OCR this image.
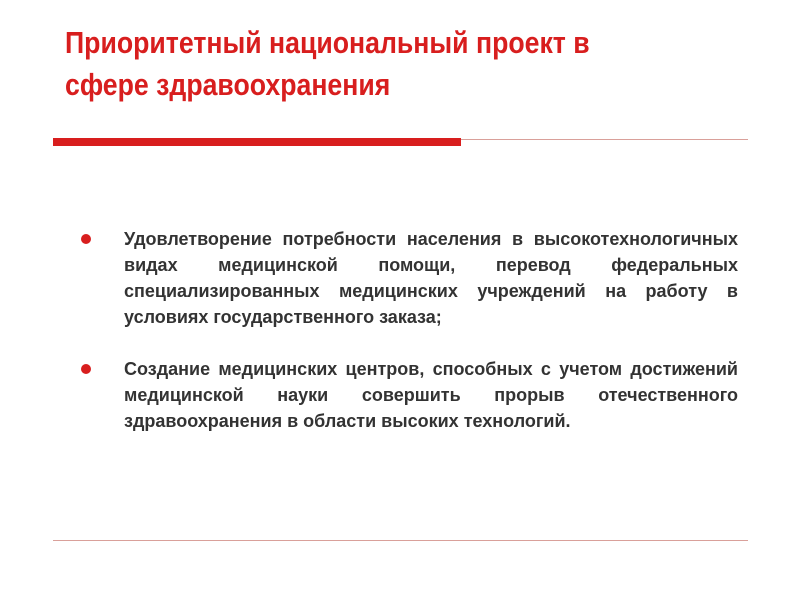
Приоритетный национальный проект в сфере здравоохранения
Удовлетворение потребности населения в высокотехнологичных видах медицинской помощи, перевод федеральных специализированных медицинских учреждений на работу в условиях государственного заказа;
Создание медицинских центров, способных с учетом достижений медицинской науки совершить прорыв отечественного здравоохранения в области высоких технологий.
